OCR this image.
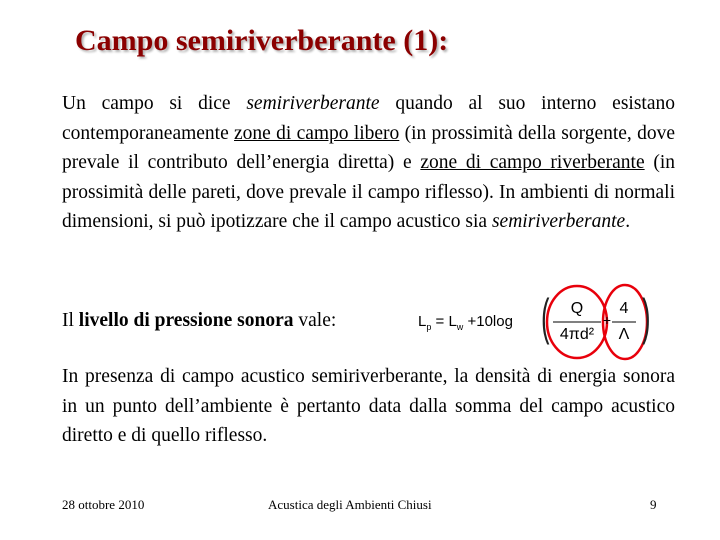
Campo semiriverberante (1):

Un campo si dice semiriverberante quando al suo interno esistano contemporaneamente zone di campo libero (in prossimità della sorgente, dove prevale il contributo dell’energia diretta) e zone di campo riverberante (in prossimità delle pareti, dove prevale il campo riflesso). In ambienti di normali dimensioni, si può ipotizzare che il campo acustico sia semiriverberante.

Il livello di pressione sonora vale:	$L_p = L_w +10\log$ (	Q
4πd²
+
4
Λ )

In presenza di campo acustico semiriverberante, la densità di energia sonora in un punto dell’ambiente è pertanto data dalla somma del campo acustico diretto e di quello riflesso.

28 ottobre 2010	Acustica degli Ambienti Chiusi	9
